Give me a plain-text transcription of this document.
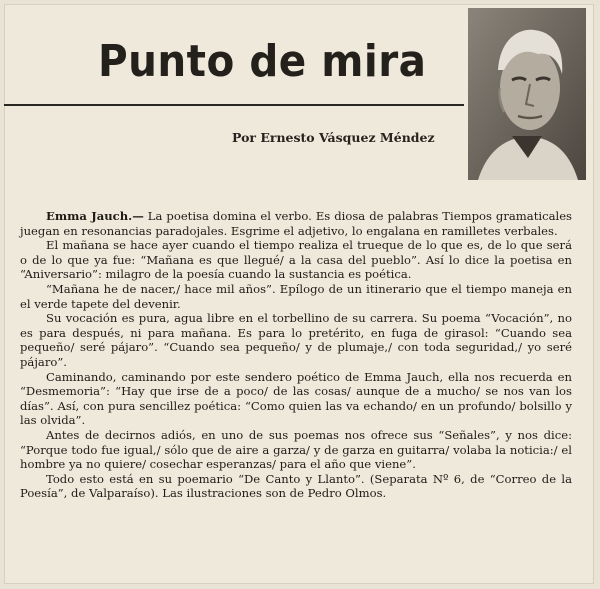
Punto de mira
Por Ernesto Vásquez Méndez

Emma Jauch.— La poetisa domina el verbo. Es diosa de palabras Tiempos gramaticales juegan en resonancias paradojales. Esgrime el adjetivo, lo engalana en ramilletes verbales.

El mañana se hace ayer cuando el tiempo realiza el trueque de lo que es, de lo que será o de lo que ya fue: “Mañana es que llegué/ a la casa del pueblo”. Así lo dice la poetisa en “Aniversario”: milagro de la poesía cuando la sustancia es poética.

“Mañana he de nacer,/ hace mil años”. Epílogo de un itinerario que el tiempo maneja en el verde tapete del devenir.

Su vocación es pura, agua libre en el torbellino de su carrera. Su poema “Vocación”, no es para después, ni para mañana. Es para lo pretérito, en fuga de girasol: “Cuando sea pequeño/ seré pájaro”. “Cuando sea pequeño/ y de plumaje,/ con toda seguridad,/ yo seré pájaro”.

Caminando, caminando por este sendero poético de Emma Jauch, ella nos recuerda en “Desmemoria”: “Hay que irse de a poco/ de las cosas/ aunque de a mucho/ se nos van los días”. Así, con pura sencillez poética: “Como quien las va echando/ en un profundo/ bolsillo y las olvida”.

Antes de decirnos adiós, en uno de sus poemas nos ofrece sus “Señales”, y nos dice: “Porque todo fue igual,/ sólo que de aire a garza/ y de garza en guitarra/ volaba la noticia:/ el hombre ya no quiere/ cosechar esperanzas/ para el año que viene”.

Todo esto está en su poemario “De Canto y Llanto”. (Separata Nº 6, de “Correo de la Poesía”, de Valparaíso). Las ilustraciones son de Pedro Olmos.
